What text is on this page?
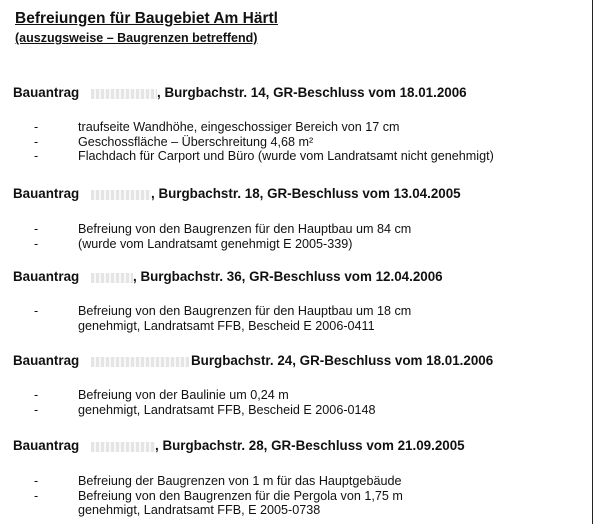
Befreiungen für Baugebiet Am Härtl
(auszugsweise – Baugrenzen betreffend)
Bauantrag	, Burgbachstr. 14, GR-Beschluss vom 18.01.2006
-	traufseite Wandhöhe, eingeschossiger Bereich von 17 cm
-	Geschossfläche – Überschreitung 4,68 m²
-	Flachdach für Carport und Büro (wurde vom Landratsamt nicht genehmigt)
Bauantrag	, Burgbachstr. 18, GR-Beschluss vom 13.04.2005
-	Befreiung von den Baugrenzen für den Hauptbau um 84 cm
-	(wurde vom Landratsamt genehmigt E 2005-339)
Bauantrag	, Burgbachstr. 36, GR-Beschluss vom 12.04.2006
-	Befreiung von den Baugrenzen für den Hauptbau um 18 cm
genehmigt, Landratsamt FFB, Bescheid E 2006-0411
Bauantrag	Burgbachstr. 24, GR-Beschluss vom 18.01.2006
-	Befreiung von der Baulinie um 0,24 m
-	genehmigt, Landratsamt FFB, Bescheid E 2006-0148
Bauantrag	, Burgbachstr. 28, GR-Beschluss vom 21.09.2005
-	Befreiung der Baugrenzen von 1 m für das Hauptgebäude
-	Befreiung von den Baugrenzen für die Pergola von 1,75 m
genehmigt, Landratsamt FFB, E 2005-0738
